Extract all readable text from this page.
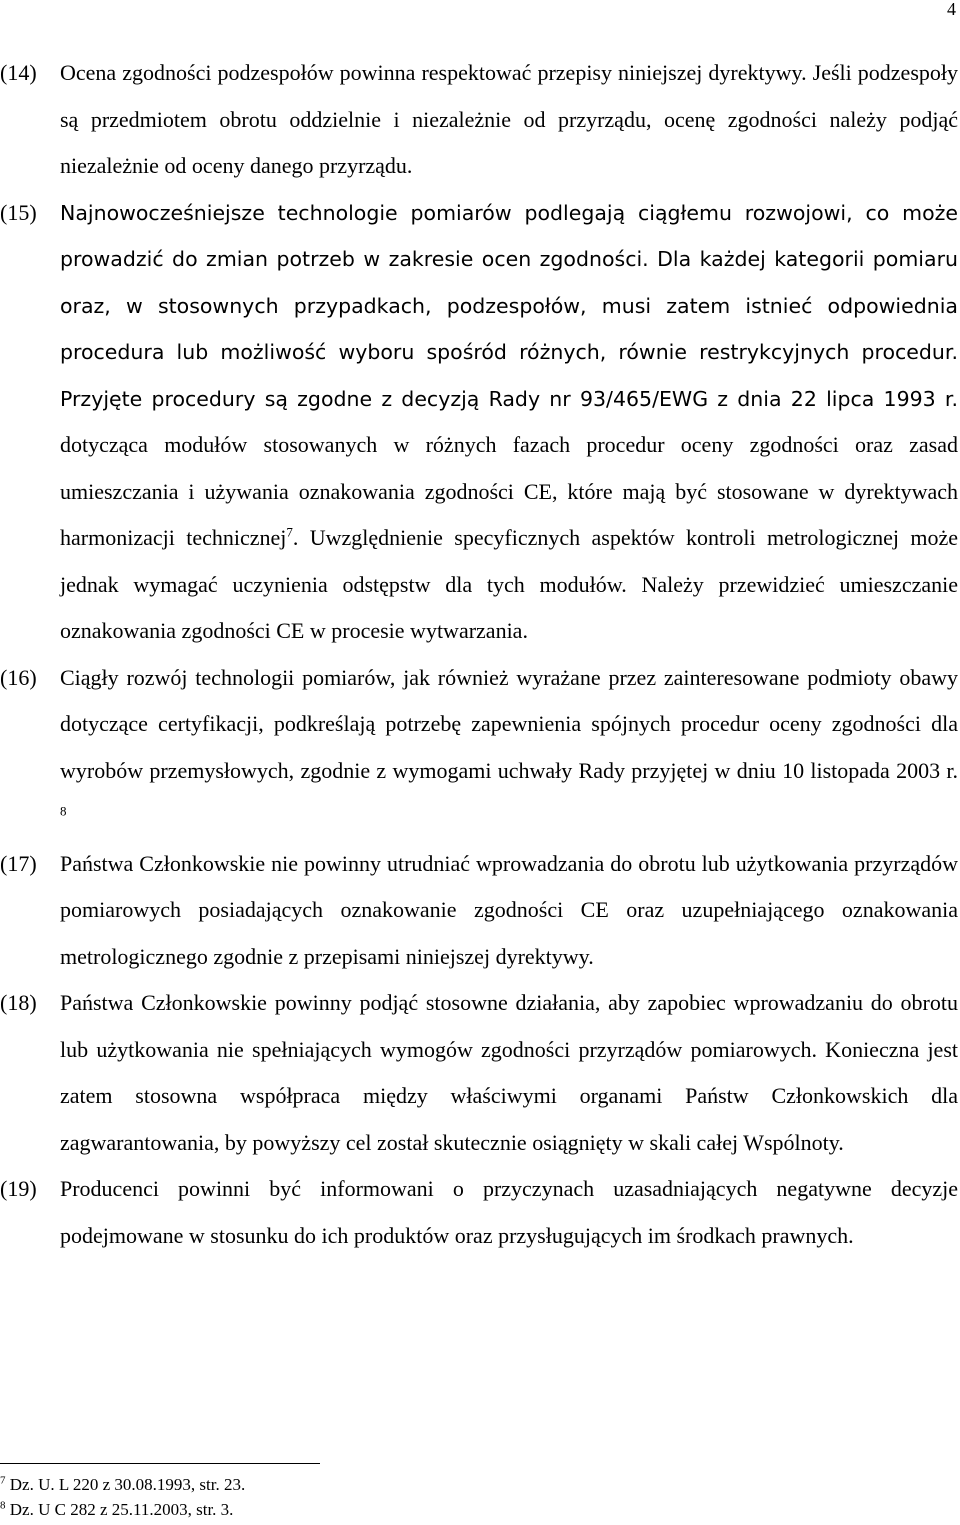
4
(14)	Ocena zgodności podzespołów powinna respektować przepisy niniejszej dyrektywy. Jeśli podzespoły są przedmiotem obrotu oddzielnie i niezależnie od przyrządu, ocenę zgodności należy podjąć niezależnie od oceny danego przyrządu.
(15)	Najnowocześniejsze technologie pomiarów podlegają ciągłemu rozwojowi, co może prowadzić do zmian potrzeb w zakresie ocen zgodności. Dla każdej kategorii pomiaru oraz, w stosownych przypadkach, podzespołów, musi zatem istnieć odpowiednia procedura lub możliwość wyboru spośród różnych, równie restrykcyjnych procedur. Przyjęte procedury są zgodne z decyzją Rady nr 93/465/EWG z dnia 22 lipca 1993 r. dotycząca modułów stosowanych w różnych fazach procedur oceny zgodności oraz zasad umieszczania i używania oznakowania zgodności CE, które mają być stosowane w dyrektywach harmonizacji technicznej$^7$. Uwzględnienie specyficznych aspektów kontroli metrologicznej może jednak wymagać uczynienia odstępstw dla tych modułów. Należy przewidzieć umieszczanie oznakowania zgodności CE w procesie wytwarzania.
(16)	Ciągły rozwój technologii pomiarów, jak również wyrażane przez zainteresowane podmioty obawy dotyczące certyfikacji, podkreślają potrzebę zapewnienia spójnych procedur oceny zgodności dla wyrobów przemysłowych, zgodnie z wymogami uchwały Rady przyjętej w dniu 10 listopada 2003 r. $^8$
(17)	Państwa Członkowskie nie powinny utrudniać wprowadzania do obrotu lub użytkowania przyrządów pomiarowych posiadających oznakowanie zgodności CE oraz uzupełniającego oznakowania metrologicznego zgodnie z przepisami niniejszej dyrektywy.
(18)	Państwa Członkowskie powinny podjąć stosowne działania, aby zapobiec wprowadzaniu do obrotu lub użytkowania nie spełniających wymogów zgodności przyrządów pomiarowych. Konieczna jest zatem stosowna współpraca między właściwymi organami Państw Członkowskich dla zagwarantowania, by powyższy cel został skutecznie osiągnięty w skali całej Wspólnoty.
(19)	Producenci powinni być informowani o przyczynach uzasadniających negatywne decyzje podejmowane w stosunku do ich produktów oraz przysługujących im środkach prawnych.
$^7$ Dz. U. L 220 z 30.08.1993, str. 23.
$^8$ Dz. U C 282 z 25.11.2003, str. 3.
